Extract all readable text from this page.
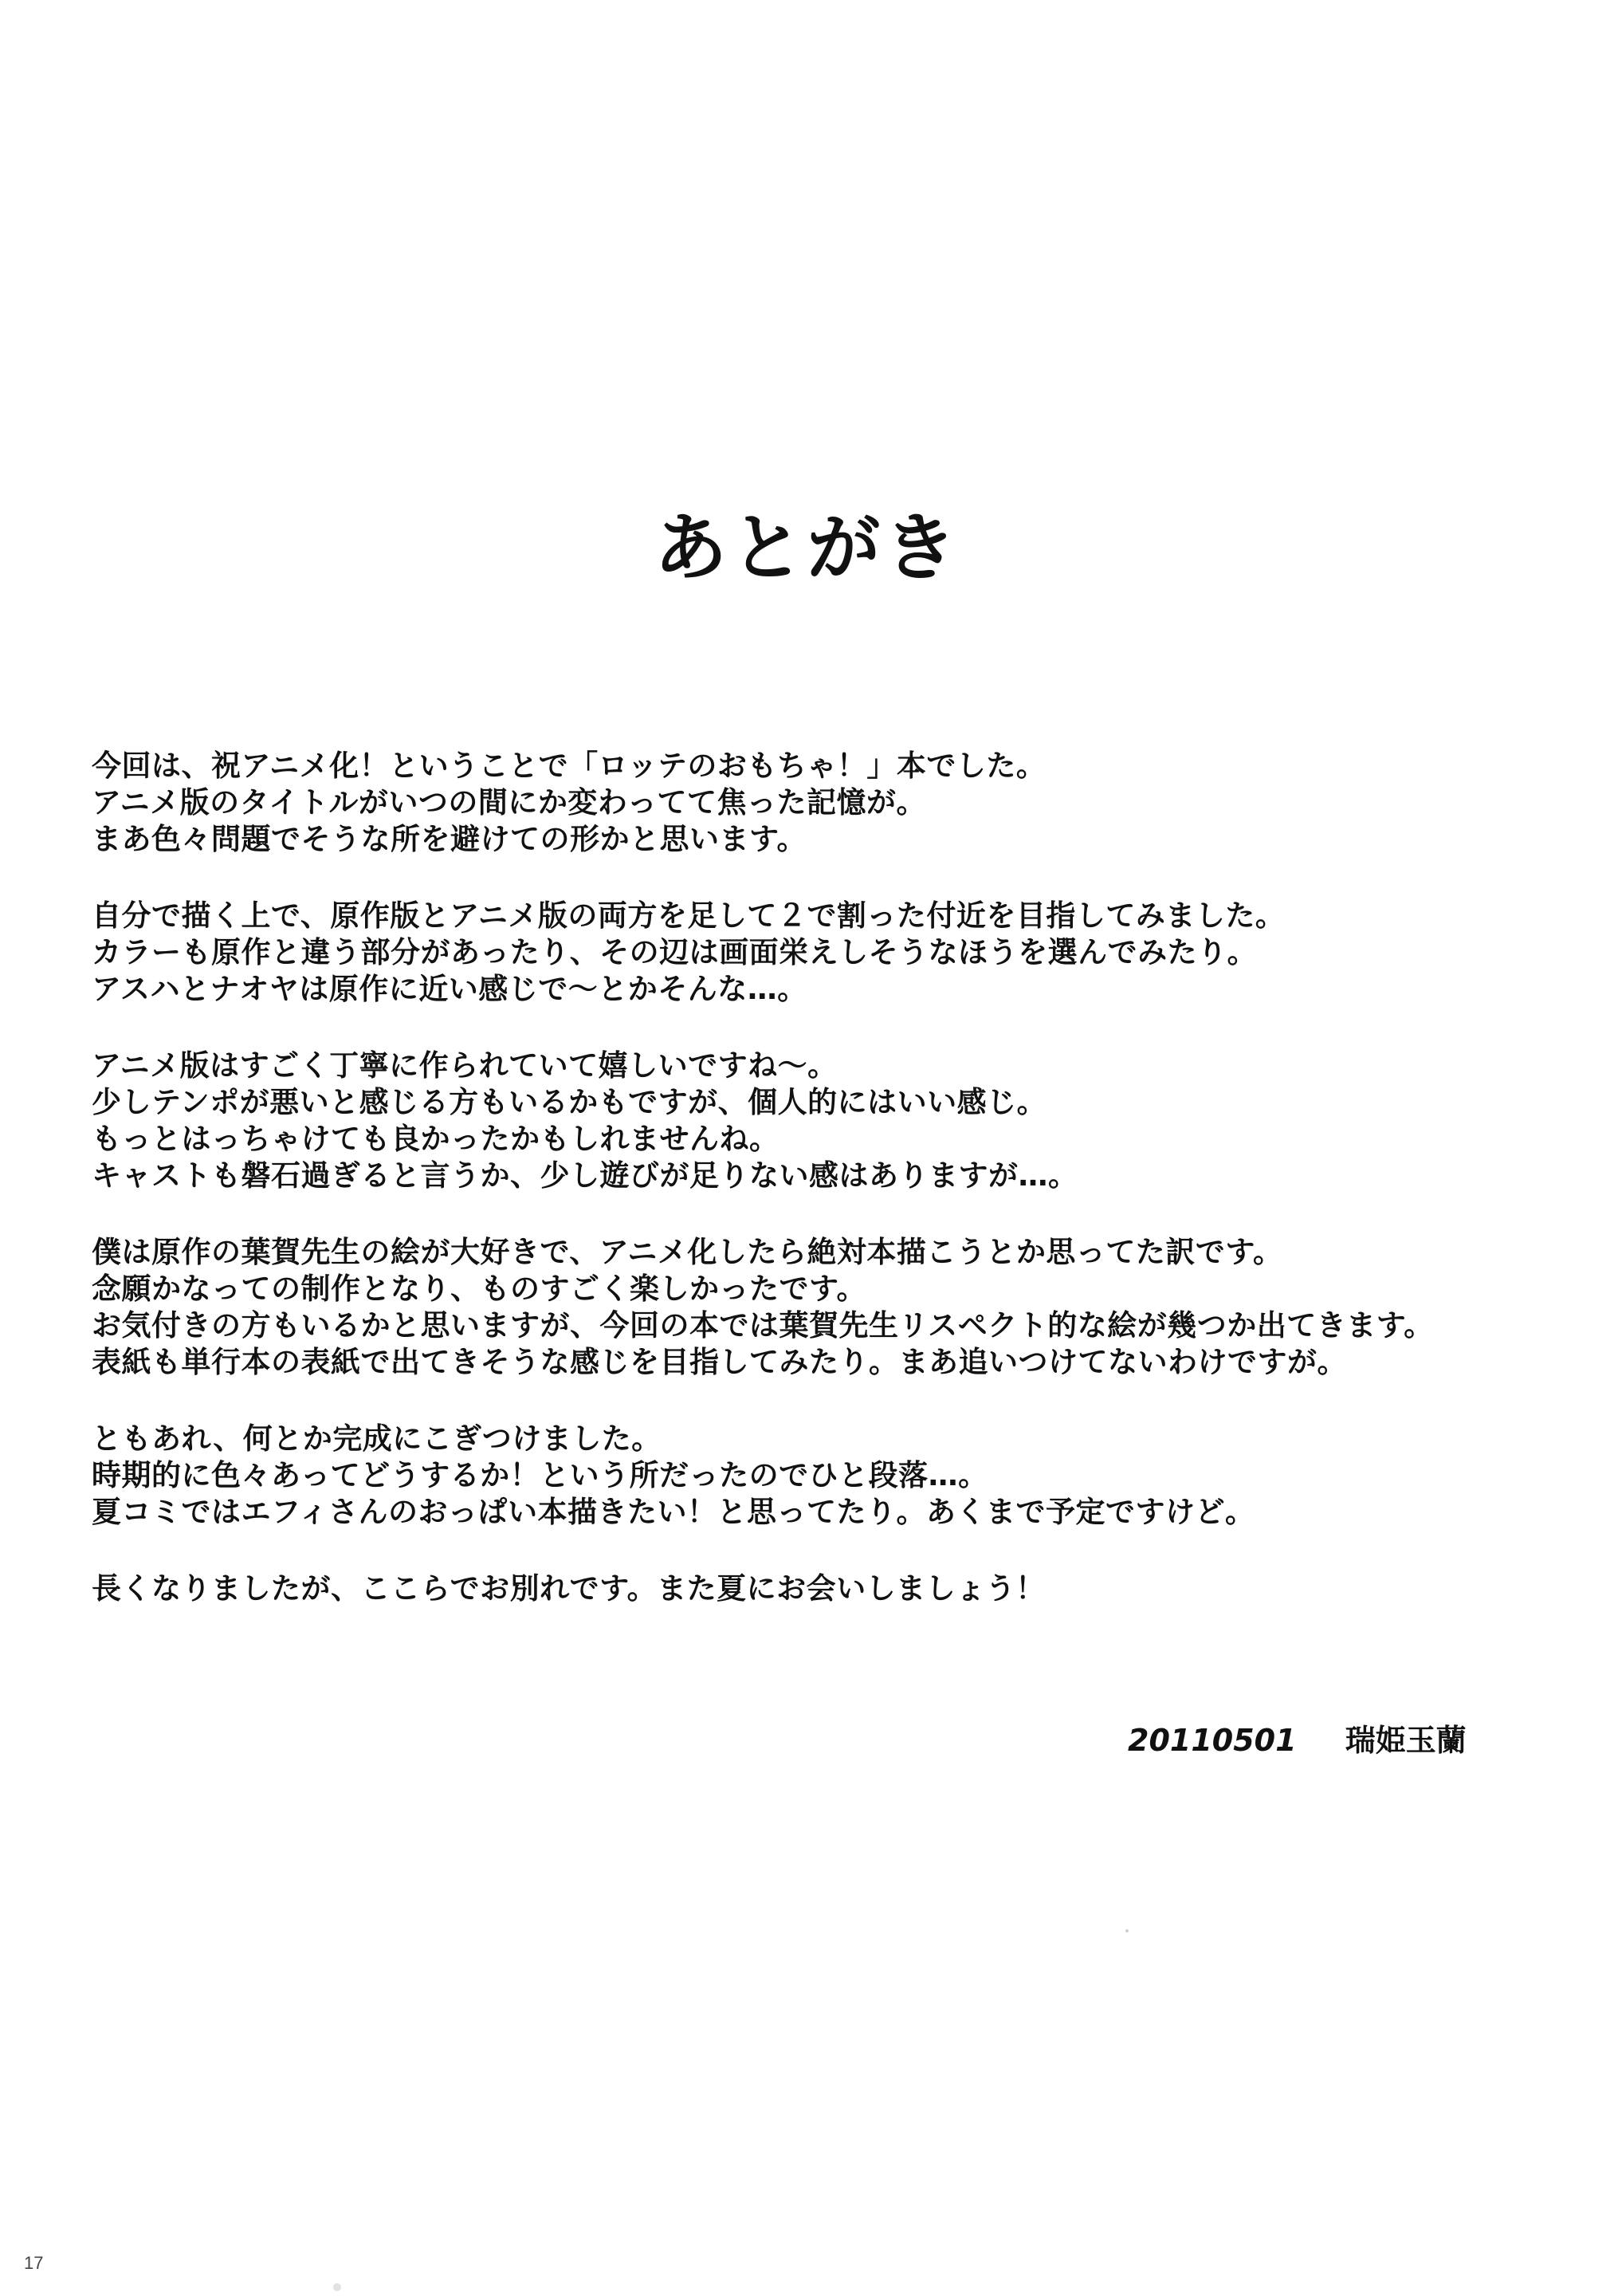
あとがき
今回は、祝アニメ化！ということで「ロッテのおもちゃ！」本でした。
アニメ版のタイトルがいつの間にか変わってて焦った記憶が。
まあ色々問題でそうな所を避けての形かと思います。
自分で描く上で、原作版とアニメ版の両方を足して２で割った付近を目指してみました。
カラーも原作と違う部分があったり、その辺は画面栄えしそうなほうを選んでみたり。
アスハとナオヤは原作に近い感じで～とかそんな…。
アニメ版はすごく丁寧に作られていて嬉しいですね～。
少しテンポが悪いと感じる方もいるかもですが、個人的にはいい感じ。
もっとはっちゃけても良かったかもしれませんね。
キャストも磐石過ぎると言うか、少し遊びが足りない感はありますが…。
僕は原作の葉賀先生の絵が大好きで、アニメ化したら絶対本描こうとか思ってた訳です。
念願かなっての制作となり、ものすごく楽しかったです。
お気付きの方もいるかと思いますが、今回の本では葉賀先生リスペクト的な絵が幾つか出てきます。
表紙も単行本の表紙で出てきそうな感じを目指してみたり。まあ追いつけてないわけですが。
ともあれ、何とか完成にこぎつけました。
時期的に色々あってどうするか！という所だったのでひと段落…。
夏コミではエフィさんのおっぱい本描きたい！と思ってたり。あくまで予定ですけど。
長くなりましたが、ここらでお別れです。また夏にお会いしましょう！
20110501 瑞姫玉蘭
17
